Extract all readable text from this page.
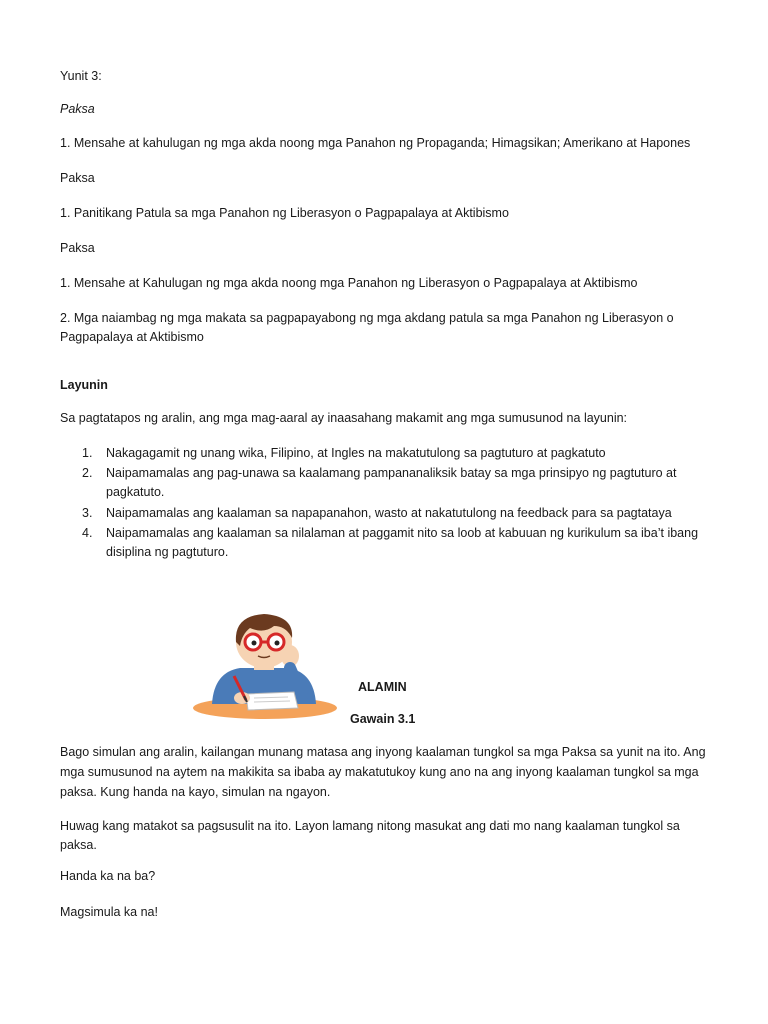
Yunit 3:
Paksa
1. Mensahe at kahulugan ng mga akda noong mga Panahon ng Propaganda; Himagsikan; Amerikano at Hapones
Paksa
1. Panitikang Patula sa mga Panahon ng Liberasyon o Pagpapalaya at Aktibismo
Paksa
1. Mensahe at Kahulugan ng mga akda noong mga Panahon ng Liberasyon o Pagpapalaya at Aktibismo
2. Mga naiambag ng mga makata sa pagpapayabong ng mga akdang patula sa mga Panahon ng Liberasyon o Pagpapalaya at Aktibismo
Layunin
Sa pagtatapos ng aralin, ang mga mag-aaral ay inaasahang makamit ang mga sumusunod na layunin:
1. Nakagagamit ng unang wika, Filipino, at Ingles na makatutulong sa pagtuturo at pagkatuto
2. Naipamamalas ang pag-unawa sa kaalamang pampananaliksik batay sa mga prinsipyo ng pagtuturo at pagkatuto.
3. Naipamamalas ang kaalaman sa napapanahon, wasto at nakatutulong na feedback para sa pagtataya
4. Naipamamalas ang kaalaman sa nilalaman at paggamit nito sa loob at kabuuan ng kurikulum sa iba’t ibang disiplina ng pagtuturo.
ALAMIN
Gawain 3.1
Bago simulan ang aralin, kailangan munang matasa ang inyong kaalaman tungkol sa mga Paksa sa yunit na ito. Ang mga sumusunod na aytem na makikita sa ibaba ay makatutukoy kung ano na ang inyong kaalaman tungkol sa mga paksa. Kung handa na kayo, simulan na ngayon.
Huwag kang matakot sa pagsusulit na ito. Layon lamang nitong masukat ang dati mo nang kaalaman tungkol sa paksa.
Handa ka na ba?
Magsimula ka na!
